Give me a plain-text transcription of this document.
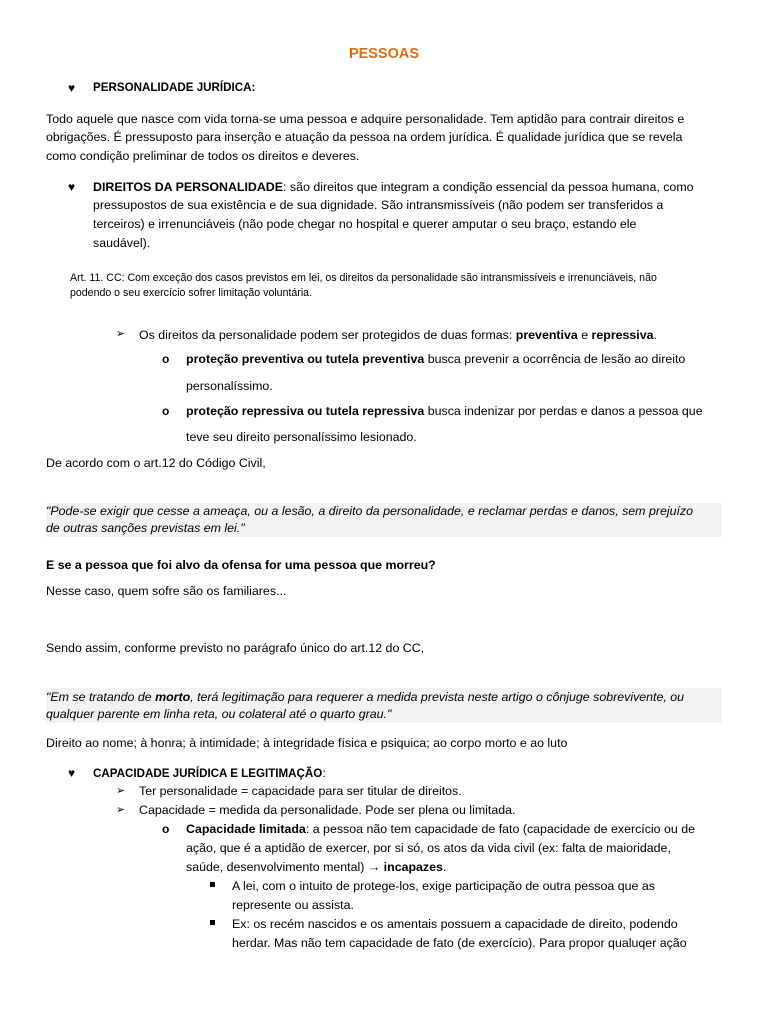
PESSOAS
♥ PERSONALIDADE JURÍDICA:
Todo aquele que nasce com vida torna-se uma pessoa e adquire personalidade. Tem aptidão para contrair direitos e
obrigações. É pressuposto para inserção e atuação da pessoa na ordem jurídica. É qualidade jurídica que se revela
como condição preliminar de todos os direitos e deveres.
♥ DIREITOS DA PERSONALIDADE: são direitos que integram a condição essencial da pessoa humana, como
pressupostos de sua existência e de sua dignidade. São intransmissíveis (não podem ser transferidos a
terceiros) e irrenunciáveis (não pode chegar no hospital e querer amputar o seu braço, estando ele
saudável).
Art. 11. CC: Com exceção dos casos previstos em lei, os direitos da personalidade são intransmissíveis e irrenunciáveis, não
podendo o seu exercício sofrer limitação voluntária.
➢ Os direitos da personalidade podem ser protegidos de duas formas: preventiva e repressiva.
o proteção preventiva ou tutela preventiva busca prevenir a ocorrência de lesão ao direito
personalíssimo.
o proteção repressiva ou tutela repressiva busca indenizar por perdas e danos a pessoa que
teve seu direito personalíssimo lesionado.
De acordo com o art.12 do Código Civil,
"Pode-se exigir que cesse a ameaça, ou a lesão, a direito da personalidade, e reclamar perdas e danos, sem prejuízo
de outras sanções previstas em lei."
E se a pessoa que foi alvo da ofensa for uma pessoa que morreu?
Nesse caso, quem sofre são os familiares...
Sendo assim, conforme previsto no parágrafo único do art.12 do CC,
"Em se tratando de morto, terá legitimação para requerer a medida prevista neste artigo o cônjuge sobrevivente, ou
qualquer parente em linha reta, ou colateral até o quarto grau."
Direito ao nome; à honra; à intimidade; à integridade física e psiquica; ao corpo morto e ao luto
♥ CAPACIDADE JURÍDICA E LEGITIMAÇÃO:
➢ Ter personalidade = capacidade para ser titular de direitos.
➢ Capacidade = medida da personalidade. Pode ser plena ou limitada.
o Capacidade limitada: a pessoa não tem capacidade de fato (capacidade de exercício ou de
ação, que é a aptidão de exercer, por si só, os atos da vida civil (ex: falta de maioridade,
saúde, desenvolvimento mental) → incapazes.
A lei, com o intuito de protege-los, exige participação de outra pessoa que as
represente ou assista.
Ex: os recém nascidos e os amentais possuem a capacidade de direito, podendo
herdar. Mas não tem capacidade de fato (de exercício). Para propor qualuqer ação
